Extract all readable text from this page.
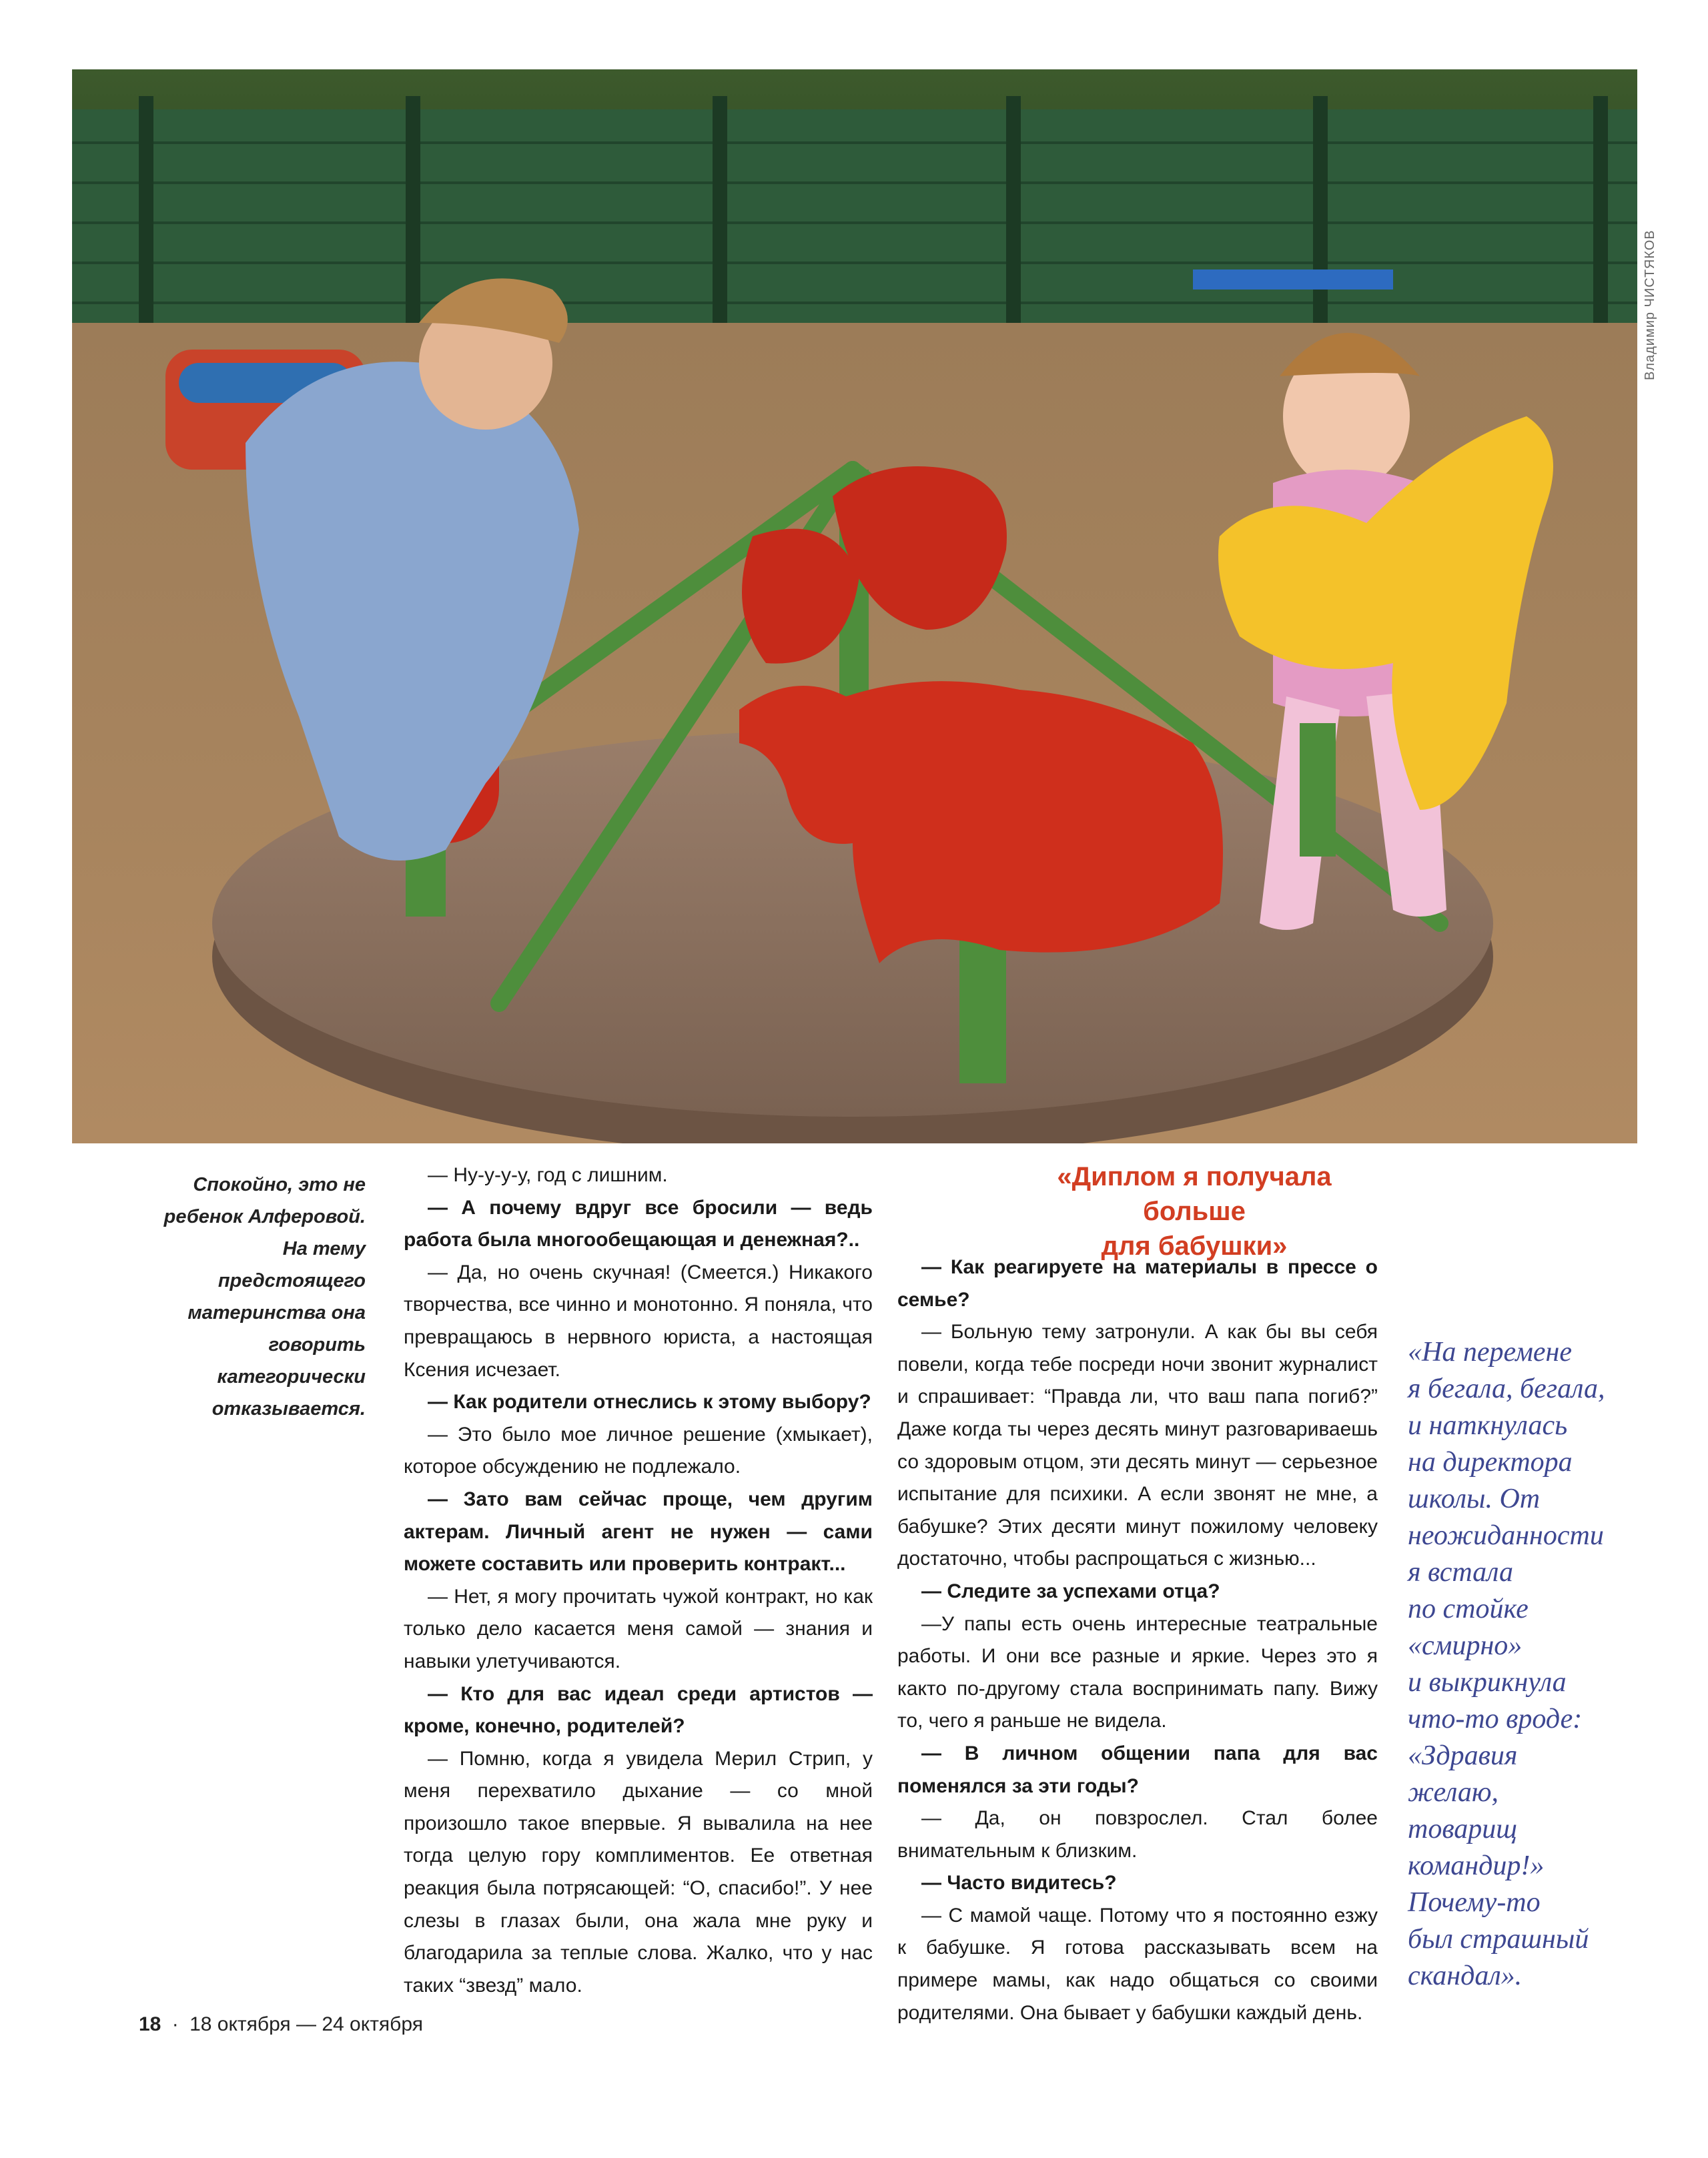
Владимир ЧИСТЯКОВ
Спокойно, это не
ребенок Алферовой.
На тему предстоящего
материнства она
говорить
категорически
отказывается.

— Ну-у-у-у, год с лишним.

— А почему вдруг все бросили — ведь работа была многообещающая и денежная?..

— Да, но очень скучная! (Смеется.) Никакого творчества, все чинно и монотонно. Я поняла, что превращаюсь в нервного юриста, а настоящая Ксения исчезает.

— Как родители отнеслись к этому выбору?

— Это было мое личное решение (хмыкает), которое обсуждению не подлежало.

— Зато вам сейчас проще, чем другим актерам. Личный агент не нужен — сами можете составить или проверить контракт...

— Нет, я могу прочитать чужой контракт, но как только дело касается меня самой — знания и навыки улетучиваются.

— Кто для вас идеал среди артистов — кроме, конечно, родителей?

— Помню, когда я увидела Мерил Стрип, у меня перехватило дыхание — со мной произошло такое впервые. Я вывалила на нее тогда целую гору комплиментов. Ее ответная реакция была потрясающей: “О, спасибо!”. У нее слезы в глазах были, она жала мне руку и благодарила за теплые слова. Жалко, что у нас таких “звезд” мало.

«Диплом я получала больше
для бабушки»

— Как реагируете на материалы в прессе о семье?

— Больную тему затронули. А как бы вы себя повели, когда тебе посреди ночи звонит журналист и спрашивает: “Правда ли, что ваш папа погиб?” Даже когда ты через десять минут разговариваешь со здоровым отцом, эти десять минут — серьезное испытание для психики. А если звонят не мне, а бабушке? Этих десяти минут пожилому человеку достаточно, чтобы распрощаться с жизнью...

— Следите за успехами отца?

—У папы есть очень интересные театральные работы. И они все разные и яркие. Через это я както по-другому стала воспринимать папу. Вижу то, чего я раньше не видела.

— В личном общении папа для вас поменялся за эти годы?

— Да, он повзрослел. Стал более внимательным к близким.

— Часто видитесь?

— С мамой чаще. Потому что я постоянно езжу к бабушке. Я готова рассказывать всем на примере мамы, как надо общаться со своими родителями. Она бывает у бабушки каждый день.

«На перемене
я бегала, бегала,
и наткнулась
на директора
школы. От
неожиданности
я встала
по стойке
«смирно»
и выкрикнула
что-то вроде:
«Здравия
желаю,
товарищ
командир!»
Почему-то
был страшный
скандал».
18 · 18 октября — 24 октября
